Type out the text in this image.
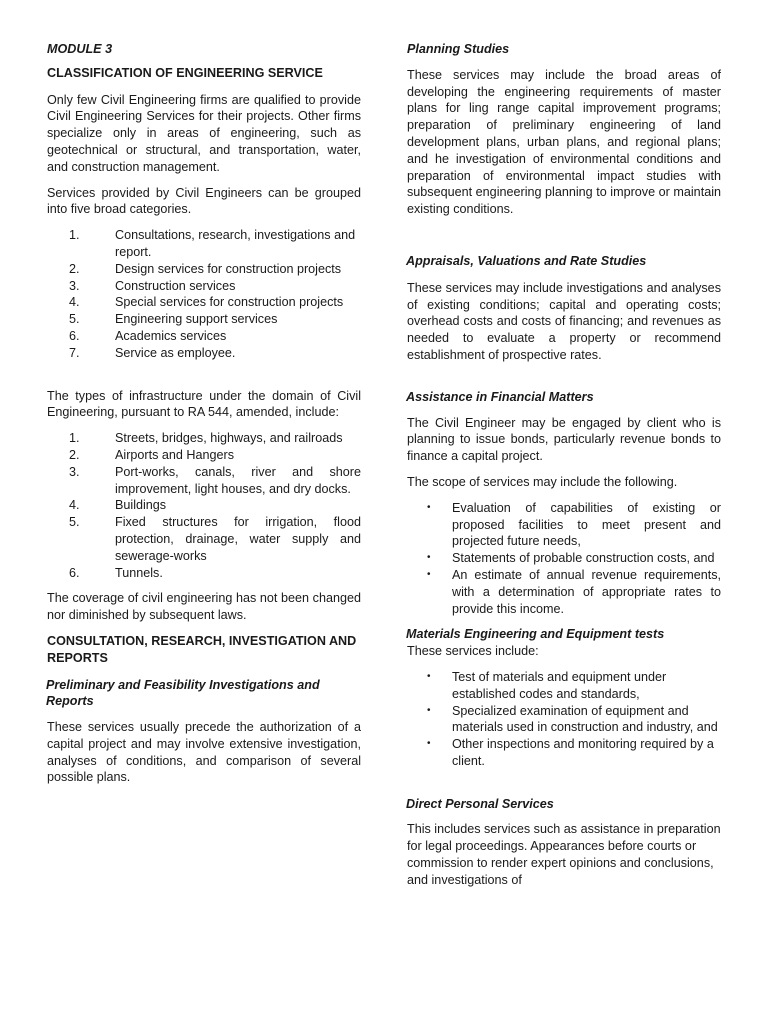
MODULE 3

CLASSIFICATION OF ENGINEERING SERVICE

Only few Civil Engineering firms are qualified to provide Civil Engineering Services for their projects. Other firms specialize only in areas of engineering, such as geotechnical or structural, and transportation, water, and construction management.

Services provided by Civil Engineers can be grouped into five broad categories.

1.	Consultations, research, investigations and report.
2.	Design services for construction projects
3.	Construction services
4.	Special services for construction projects
5.	Engineering support services
6.	Academics services
7.	Service as employee.

The types of infrastructure under the domain of Civil Engineering, pursuant to RA 544, amended, include:

1.	Streets, bridges, highways, and railroads
2.	Airports and Hangers
3.	Port-works, canals, river and shore improvement, light houses, and dry docks.
4.	Buildings
5.	Fixed structures for irrigation, flood protection, drainage, water supply and sewerage-works
6.	Tunnels.

The coverage of civil engineering has not been changed nor diminished by subsequent laws.

CONSULTATION, RESEARCH, INVESTIGATION AND REPORTS
Preliminary and Feasibility Investigations and Reports

These services usually precede the authorization of a capital project and may involve extensive investigation, analyses of conditions, and comparison of several possible plans.

Planning Studies

These services may include the broad areas of developing the engineering requirements of master plans for ling range capital improvement programs; preparation of preliminary engineering of land development plans, urban plans, and regional plans; and he investigation of environmental conditions and preparation of environmental impact studies with subsequent engineering planning to improve or maintain existing conditions.

Appraisals, Valuations and Rate Studies

These services may include investigations and analyses of existing conditions; capital and operating costs; overhead costs and costs of financing; and revenues as needed to evaluate a property or recommend establishment of prospective rates.

Assistance in Financial Matters

The Civil Engineer may be engaged by client who is planning to issue bonds, particularly revenue bonds to finance a capital project.

The scope of services may include the following.

•	Evaluation of capabilities of existing or proposed facilities to meet present and projected future needs,
•	Statements of probable construction costs, and
•	An estimate of annual revenue requirements, with a determination of appropriate rates to provide this income.
Materials Engineering and Equipment tests

These services include:

•	Test of materials and equipment under established codes and standards,
•	Specialized examination of equipment and materials used in construction and industry, and
•	Other inspections and monitoring required by a client.
Direct Personal Services

This includes services such as assistance in preparation for legal proceedings. Appearances before courts or commission to render expert opinions and conclusions, and investigations of
